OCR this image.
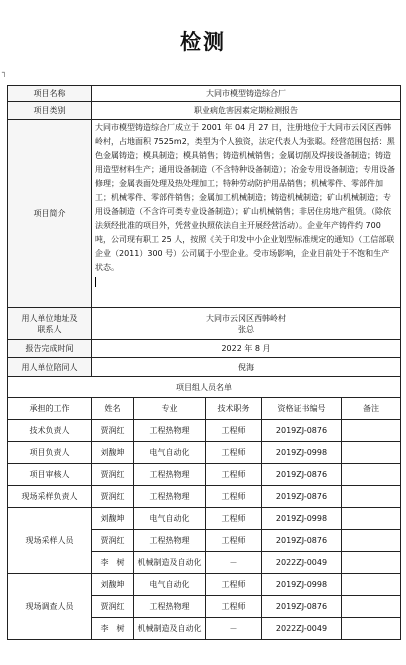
检测
┐
项目名称	大同市模型铸造综合厂				
项目类别	职业病危害因素定期检测报告				
项目简介	大同市模型铸造综合厂成立于 2001 年 04 月 27 日，注册地位于大同市云冈区西韩岭村，占地面积 7525m2，类型为个人独资，法定代表人为张聪。经营范围包括：黑色金属铸造；模具制造；模具销售；铸造机械销售；金属切削及焊接设备制造；铸造用造型材料生产；通用设备制造（不含特种设备制造）；冶金专用设备制造；专用设备修理；金属表面处理及热处理加工；特种劳动防护用品销售；机械零件、零部件加工；机械零件、零部件销售；金属加工机械制造；铸造机械制造；矿山机械制造；专用设备制造（不含许可类专业设备制造）；矿山机械销售；非居住房地产租赁。（除依法须经批准的项目外，凭营业执照依法自主开展经营活动）。企业年产铸件约 700 吨，公司现有职工 25 人，按照《关于印发中小企业划型标准规定的通知》（工信部联企业（2011）300 号）公司属于小型企业。受市场影响，企业目前处于不饱和生产状态。				

用人单位地址及
联系人	大同市云冈区西韩岭村
张总				

报告完成时间	2022 年 8 月				
用人单位陪同人	倪海				
项目组人员名单					
承担的工作	姓名	专业	技术职务	资格证书编号	备注
技术负责人	贾润红	工程热物理	工程师	2019ZJ-0876	
项目负责人	刘馥坤	电气自动化	工程师	2019ZJ-0998	
项目审核人	贾润红	工程热物理	工程师	2019ZJ-0876	
现场采样负责人	贾润红	工程热物理	工程师	2019ZJ-0876	
现场采样人员	刘馥坤	电气自动化	工程师	2019ZJ-0998	
	贾润红	工程热物理	工程师	2019ZJ-0876	
	李　树	机械制造及自动化	－	2022ZJ-0049	
现场调查人员	刘馥坤	电气自动化	工程师	2019ZJ-0998	
	贾润红	工程热物理	工程师	2019ZJ-0876	
	李　树	机械制造及自动化	－	2022ZJ-0049	
